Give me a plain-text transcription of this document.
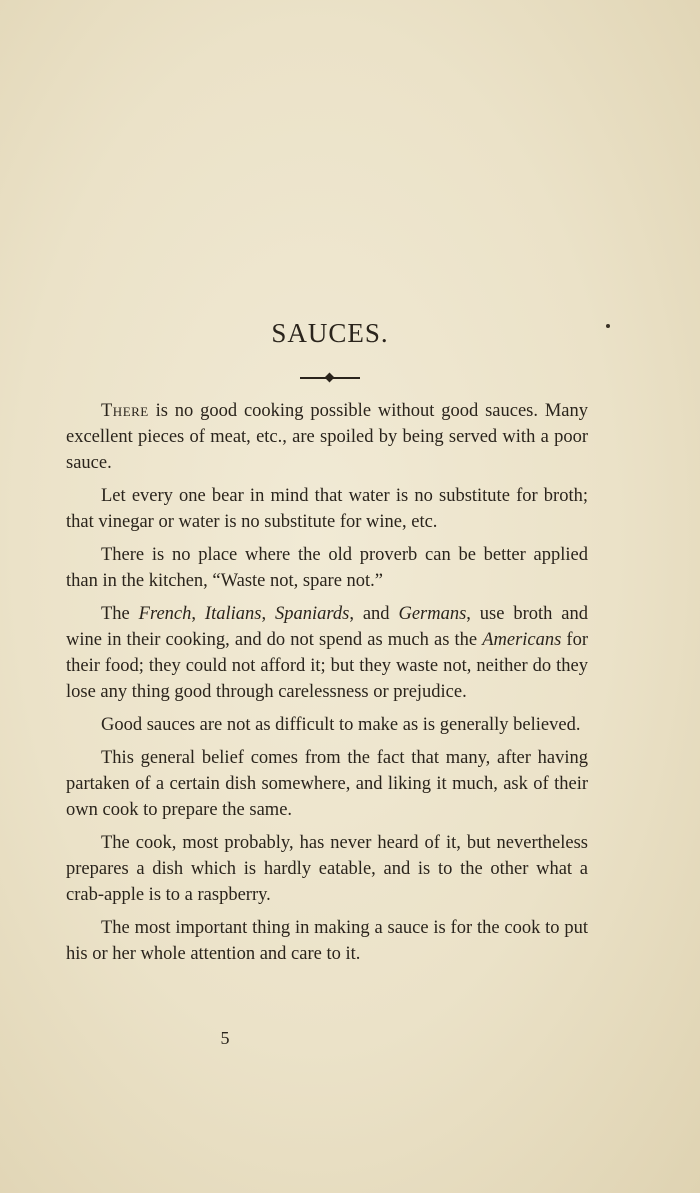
SAUCES.

There is no good cooking possible without good sauces. Many excellent pieces of meat, etc., are spoiled by being served with a poor sauce.

Let every one bear in mind that water is no substitute for broth; that vinegar or water is no substitute for wine, etc.

There is no place where the old proverb can be better applied than in the kitchen, “Waste not, spare not.”

The French, Italians, Spaniards, and Germans, use broth and wine in their cooking, and do not spend as much as the Americans for their food; they could not afford it; but they waste not, neither do they lose any thing good through carelessness or prejudice.

Good sauces are not as difficult to make as is generally believed.

This general belief comes from the fact that many, after having partaken of a certain dish somewhere, and liking it much, ask of their own cook to prepare the same.

The cook, most probably, has never heard of it, but nevertheless prepares a dish which is hardly eatable, and is to the other what a crab-apple is to a raspberry.

The most important thing in making a sauce is for the cook to put his or her whole attention and care to it.

5
